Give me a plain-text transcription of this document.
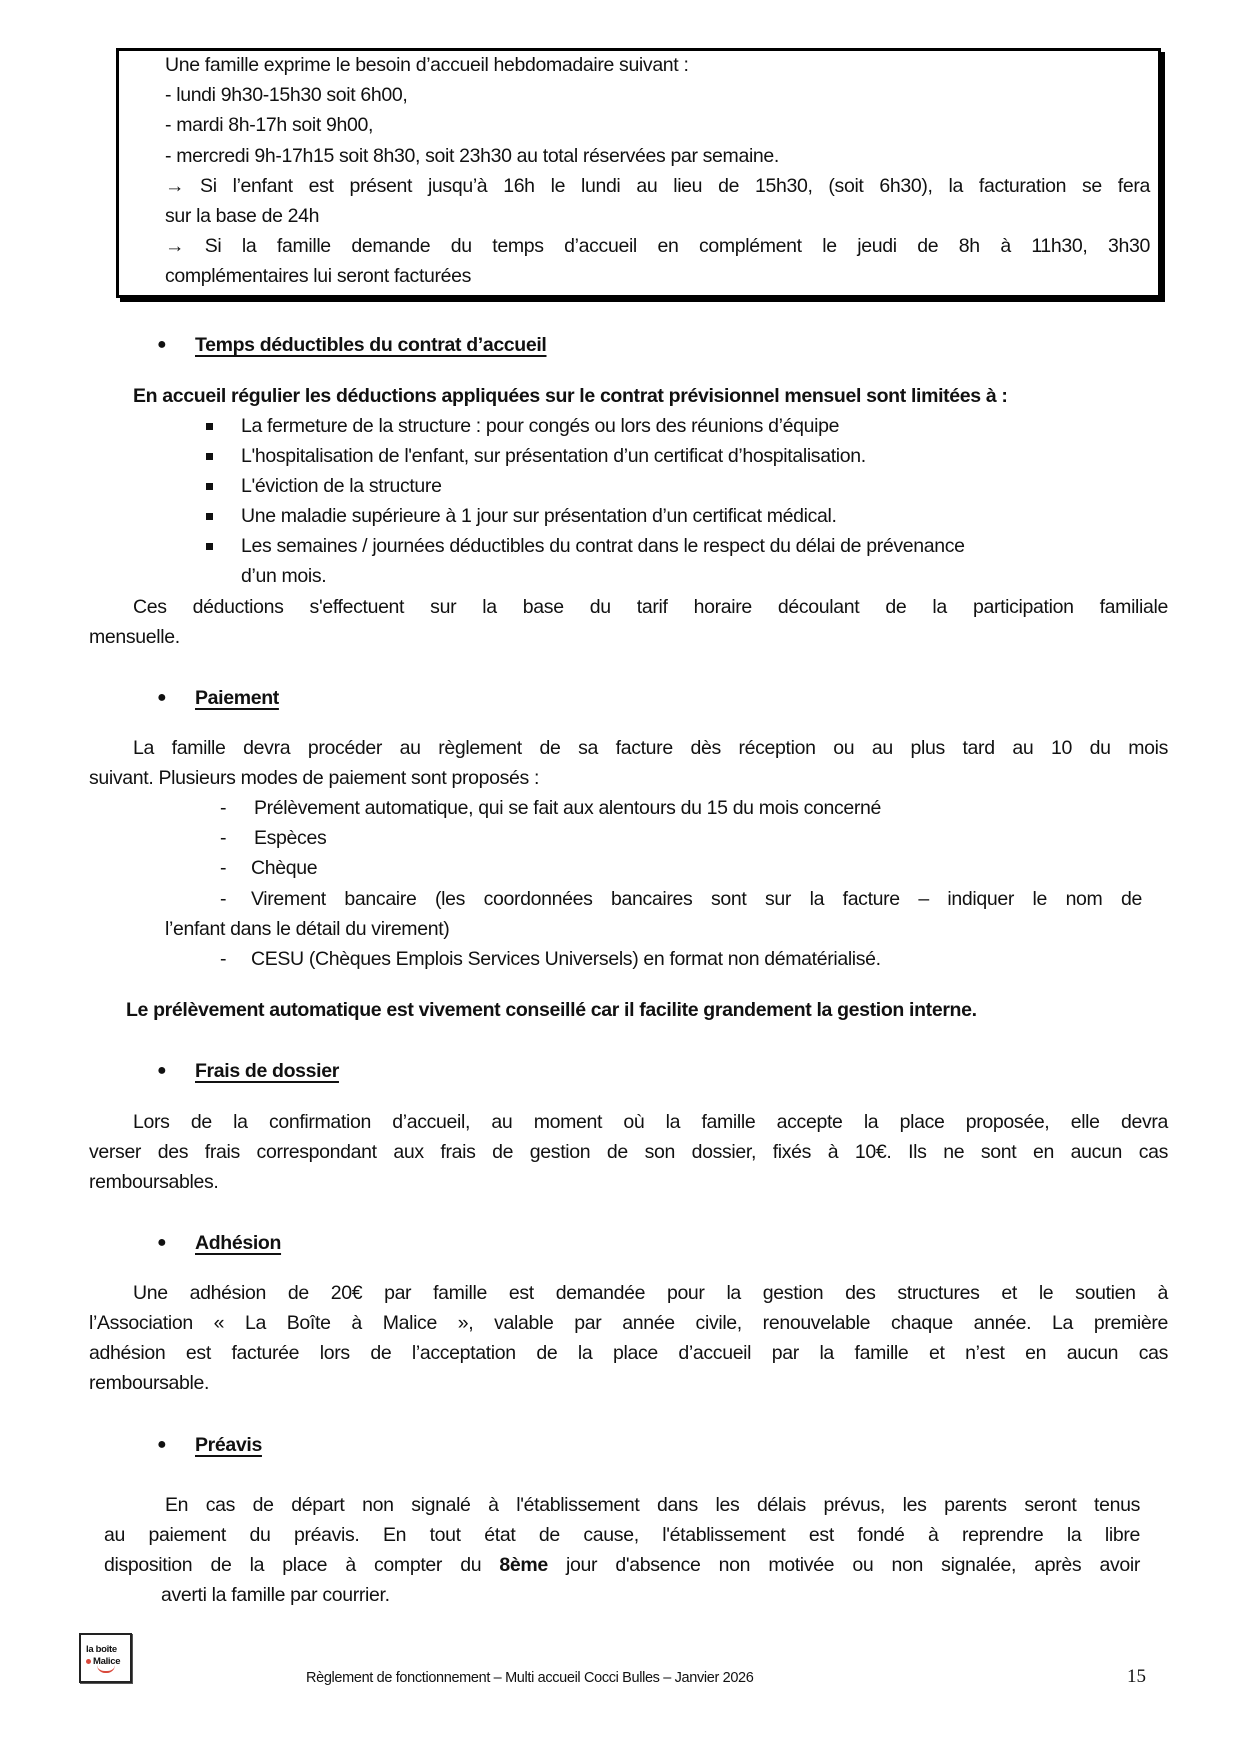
Une famille exprime le besoin d’accueil hebdomadaire suivant :
- lundi 9h30-15h30 soit 6h00,
- mardi 8h-17h soit 9h00,
- mercredi 9h-17h15 soit 8h30, soit 23h30 au total réservées par semaine.
→ Si l’enfant est présent jusqu’à 16h le lundi au lieu de 15h30, (soit 6h30), la facturation se fera
sur la base de 24h
→ Si la famille demande du temps d’accueil en complément le jeudi de 8h à 11h30, 3h30
complémentaires lui seront facturées
● Temps déductibles du contrat d’accueil
En accueil régulier les déductions appliquées sur le contrat prévisionnel mensuel sont limitées à :
La fermeture de la structure : pour congés ou lors des réunions d’équipe
L'hospitalisation de l'enfant, sur présentation d’un certificat d’hospitalisation.
L'éviction de la structure
Une maladie supérieure à 1 jour sur présentation d’un certificat médical.
Les semaines / journées déductibles du contrat dans le respect du délai de prévenance
d’un mois.
Ces déductions s'effectuent sur la base du tarif horaire découlant de la participation familiale
mensuelle.
● Paiement
La famille devra procéder au règlement de sa facture dès réception ou au plus tard au 10 du mois
suivant. Plusieurs modes de paiement sont proposés :
- Prélèvement automatique, qui se fait aux alentours du 15 du mois concerné
- Espèces
- Chèque
- Virement bancaire (les coordonnées bancaires sont sur la facture – indiquer le nom de
l’enfant dans le détail du virement)
- CESU (Chèques Emplois Services Universels) en format non dématérialisé.
Le prélèvement automatique est vivement conseillé car il facilite grandement la gestion interne.
● Frais de dossier
Lors de la confirmation d’accueil, au moment où la famille accepte la place proposée, elle devra
verser des frais correspondant aux frais de gestion de son dossier, fixés à 10€. Ils ne sont en aucun cas
remboursables.
● Adhésion
Une adhésion de 20€ par famille est demandée pour la gestion des structures et le soutien à
l’Association « La Boîte à Malice », valable par année civile, renouvelable chaque année. La première
adhésion est facturée lors de l’acceptation de la place d’accueil par la famille et n’est en aucun cas
remboursable.
● Préavis
En cas de départ non signalé à l'établissement dans les délais prévus, les parents seront tenus
au paiement du préavis. En tout état de cause, l'établissement est fondé à reprendre la libre
disposition de la place à compter du 8ème jour d'absence non motivée ou non signalée, après avoir
averti la famille par courrier.
la boîte
Malice
Règlement de fonctionnement – Multi accueil Cocci Bulles – Janvier 2026	15
